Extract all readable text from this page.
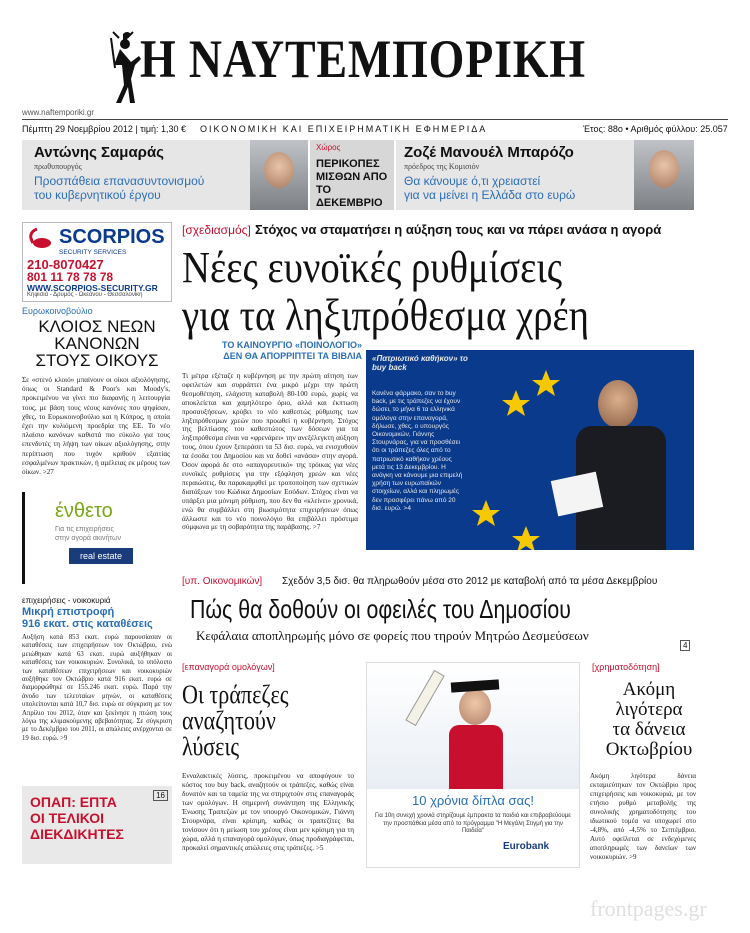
Η ΝΑΥΤΕΜΠΟΡΙΚΗ
www.naftemporiki.gr
Πέμπτη 29 Νοεμβρίου 2012 | τιμή: 1,30 € ΟΙΚΟΝΟΜΙΚΗ ΚΑΙ ΕΠΙΧΕΙΡΗΜΑΤΙΚΗ ΕΦΗΜΕΡΙΔΑ	Έτος: 88ο • Αριθμός φύλλου: 25.057
Αντώνης Σαμαράς
πρωθυπουργός
Προσπάθεια επανασυντονισμού
του κυβερνητικού έργου
Χώρος
ΠΕΡΙΚΟΠΕΣ
ΜΙΣΘΩΝ ΑΠΟ
ΤΟ ΔΕΚΕΜΒΡΙΟ
Ζοζέ Μανουέλ Μπαρόζο
πρόεδρος της Κομισιόν
Θα κάνουμε ό,τι χρειαστεί
για να μείνει η Ελλάδα στο ευρώ
SCORPIOS
SECURITY SERVICES
210-8070427
801 11 78 78 78
WWW.SCORPIOS-SECURITY.GR
Κηφισιά - Δρυμός - Ωκεάνου - Θεσσαλονίκη
Ευρωκοινοβούλιο
ΚΛΟΙΟΣ ΝΕΩΝ
ΚΑΝΟΝΩΝ
ΣΤΟΥΣ ΟΙΚΟΥΣ
Σε «στενό κλοιό» μπαίνουν οι οίκοι αξιολόγησης, όπως οι Standard & Poor's και Moody's, προκειμένου να γίνει πιο διαφανής η λειτουργία τους, με βάση τους νέους κανόνες που ψηφίσαν, χθες, το Ευρωκοινοβούλιο και η Κύπρος, η οποία έχει την κυλιόμενη προεδρία της ΕΕ. Το νέο πλαίσιο κανόνων καθιστά πιο εύκολο για τους επενδυτές τη λήψη των οίκων αξιολόγησης, στην περίπτωση που τυχόν κριθούν εξαιτίας εσφαλμένων πρακτικών, ή αμέλειας εκ μέρους των οίκων. >27
ένθετο
Για τις επιχειρήσεις
στην αγορά ακινήτων
real estate
επιχειρήσεις - νοικοκυριά
Μικρή επιστροφή
916 εκατ. στις καταθέσεις
Αυξήση κατά 853 εκατ. ευρώ παρουσίασαν οι καταθέσεις των επιχειρήσεων τον Οκτώβριο, ενώ μειώθηκαν κατά 63 εκατ. ευρώ αυξήθηκαν οι καταθέσεις των νοικοκυριών. Συνολικά, το υπόλοιπο των καταθέσεων επιχειρήσεων και νοικοκυριών αυξήθηκε τον Οκτώβριο κατά 916 εκατ. ευρώ σε διαμορφώθηκε σε 155.246 εκατ. ευρώ. Παρά την άνοδο των τελευταίων μηνών, οι καταθέσεις υπολείπονται κατά 10,7 δισ. ευρώ σε σύγκριση με τον Απρίλιο του 2012, όταν και ξεκίνησε η πτώση τους λόγω της κλιμακούμενης αβεβαιότητας. Σε σύγκριση με το Δεκέμβριο του 2011, οι απώλειες ανέρχονται σε 19 δισ. ευρώ. >9
ΟΠΑΠ: ΕΠΤΑ
ΟΙ ΤΕΛΙΚΟΙ
ΔΙΕΚΔΙΚΗΤΕΣ
16
[σχεδιασμός] Στόχος να σταματήσει η αύξηση τους και να πάρει ανάσα η αγορά
Νέες ευνοϊκές ρυθμίσεις
για τα ληξιπρόθεσμα χρέη
ΤΟ ΚΑΙΝΟΥΡΓΙΟ «ΠΟΙΝΟΛΟΓΙΟ»
ΔΕΝ ΘΑ ΑΠΟΡΡΙΠΤΕΙ ΤΑ ΒΙΒΛΙΑ
Τι μέτρα εξέταζε η κυβέρνηση με την πρώτη αίτηση των οφειλετών και συρράπτει ένα μικρό μέχρι την πρώτη θεσμοθέτηση, ελάχιστη καταβολή 80-100 ευρώ, χωρίς να αποκλείεται και χαμηλότερο όριο, αλλά και έκπτωση προσαυξήσεων, κρύβει το νέο καθεστώς ρύθμισης των ληξιπρόθεσμων χρεών που προωθεί η κυβέρνηση. Στόχος της βελτίωσης του καθεστώτος των δόσεων για τα ληξιπρόθεσμα είναι να «φρενάρει» την ανεξέλεγκτη αύξηση τους, όπου έχουν ξεπεράσει τα 53 δισ. ευρώ, να ενισχυθούν τα έσοδα του Δημοσίου και να δοθεί «ανάσα» στην αγορά. Όσον αφορά δε στο «απαγορευτικό» της τρόικας για νέες ευνοϊκές ρυθμίσεις για την εξόφληση χρεών και νέες περαιώσεις, θα παρακαμφθεί με τροποποίηση των σχετικών διατάξεων του Κώδικα Δημοσίων Εσόδων. Στόχος είναι να υπάρξει μια μόνιμη ρύθμιση, που δεν θα «κλείνει» χρονικά, ενώ θα συμβάλλει στη βιωσιμότητα επιχειρήσεων όπως άλλωστε και το νέο ποινολόγιο θα επιβάλλει πρόστιμα σύμφωνα με τη σοβαρότητα της παράβασης. >7
«Πατριωτικό καθήκον» το buy back
Κανένα φάρμακο, σαν το buy back, με τις τράπεζες να έχουν δώσει, το μήνα 6 τα ελληνικά ομόλογα στην επαναγορά, δήλωσε, χθες, ο υπουργός Οικονομικών, Γιάννης Στουρνάρας, για να προσθέσει ότι οι τράπεζες όλες από το πατριωτικό καθήκον χρέους μετά τις 13 Δεκεμβρίου. Η ανάγκη να κάνουμε μια επιμελή χρήση των ευρωπαϊκών στοιχείων, αλλά και πληρωμές δεν προσφέρει πάνω από 20 δισ. ευρώ. >4
[υπ. Οικονομικών] Σχεδόν 3,5 δισ. θα πληρωθούν μέσα στο 2012 με καταβολή από τα μέσα Δεκεμβρίου
Πώς θα δοθούν οι οφειλές του Δημοσίου
Κεφάλαια αποπληρωμής μόνο σε φορείς που τηρούν Μητρώο Δεσμεύσεων
4
[επαναγορά ομολόγων]
Οι τράπεζες
αναζητούν
λύσεις
Ενναλακτικές λύσεις, προκειμένου να αποφύγουν το κόστος του buy back, αναζητούν οι τράπεζες, καθώς είναι δυνατόν και τα ταμεία της να στηριχτούν στις επαναγοράς των ομολόγων. Η σημερινή συνάντηση της Ελληνικής Ένωσης Τραπεζών με τον υπουργό Οικονομικών, Γιάννη Στουρνάρα, είναι κρίσιμη, καθώς οι τραπεζίτες θα τονίσουν ότι η μείωση του χρέους είναι μεν κρίσιμη για τη χώρα, αλλά η επαναγορά ομολόγων, όπως προδιαγράφεται, προκαλεί σημαντικές απώλειες στις τράπεζες. >5
10 χρόνια δίπλα σας!
Για 10η συνεχή χρονιά στηρίζουμε έμπρακτα τα παιδιά και επιβραβεύουμε την προσπάθεια μέσα από το πρόγραμμα "Η Μεγάλη Στιγμή για την Παιδεία"
Eurobank
[χρηματοδότηση]
Ακόμη
λιγότερα
τα δάνεια
Οκτωβρίου
Ακόμη λιγότερα δάνεια εκταμιεύτηκαν τον Οκτώβριο προς επιχειρήσεις και νοικοκυριά, με τον ετήσιο ρυθμό μεταβολής της συνολικής χρηματοδότησης του ιδιωτικού τομέα να υποχωρεί στο -4,8%, από -4,5% το Σεπτέμβριο. Αυτό οφείλεται σε ενδεχόμενες αποπληρωμές των δανείων των νοικοκυριών. >9
frontpages.gr
